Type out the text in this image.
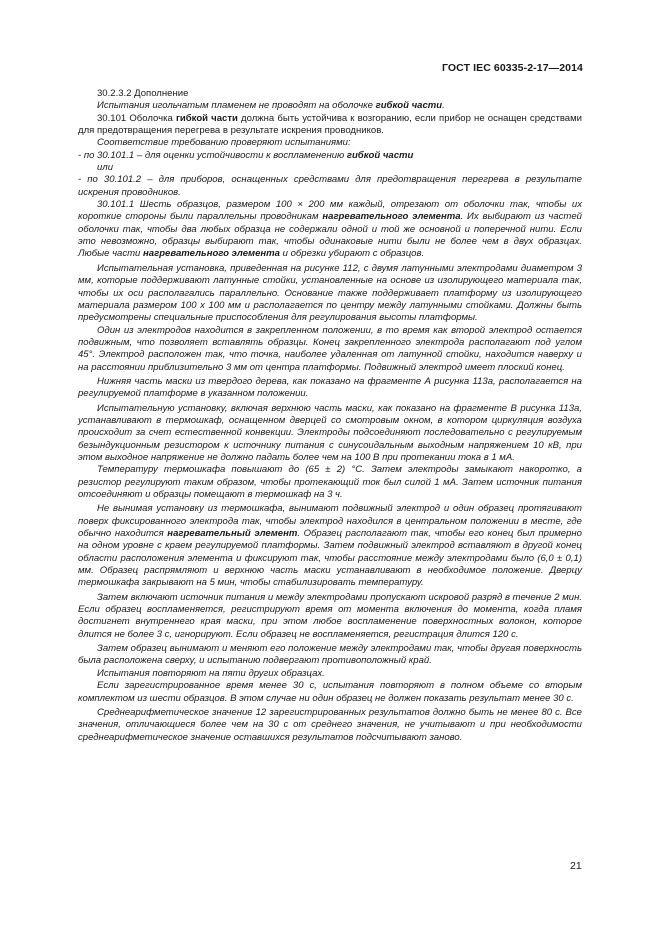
ГОСТ IEC 60335-2-17—2014

30.2.3.2 Дополнение

Испытания игольчатым пламенем не проводят на оболочке гибкой части.

30.101 Оболочка гибкой части должна быть устойчива к возгоранию, если прибор не оснащен средствами для предотвращения перегрева в результате искрения проводников.

Соответствие требованию проверяют испытаниями:

- по 30.101.1 – для оценки устойчивости к воспламенению гибкой части

или

- по 30.101.2 – для приборов, оснащенных средствами для предотвращения перегрева в результате искрения проводников.

30.101.1 Шесть образцов, размером 100 × 200 мм каждый, отрезают от оболочки так, чтобы их короткие стороны были параллельны проводникам нагревательного элемента. Их выбирают из частей оболочки так, чтобы два любых образца не содержали одной и той же основной и поперечной нити. Если это невозможно, образцы выбирают так, чтобы одинаковые нити были не более чем в двух образцах. Любые части нагревательного элемента и обрезки убирают с образцов.

Испытательная установка, приведенная на рисунке 112, с двумя латунными электродами диаметром 3 мм, которые поддерживают латунные стойки, установленные на основе из изолирующего материала так, чтобы их оси располагались параллельно. Основание также поддерживает платформу из изолирующего материала размером 100 х 100 мм и располагается по центру между латунными стойками. Должны быть предусмотрены специальные приспособления для регулирования высоты платформы.

Один из электродов находится в закрепленном положении, в то время как второй электрод остается подвижным, что позволяет вставлять образцы. Конец закрепленного электрода располагают под углом 45°. Электрод расположен так, что точка, наиболее удаленная от латунной стойки, находится наверху и на расстоянии приблизительно 3 мм от центра платформы. Подвижный электрод имеет плоский конец.

Нижняя часть маски из твердого дерева, как показано на фрагменте А рисунка 113а, располагается на регулируемой платформе в указанном положении.

Испытательную установку, включая верхнюю часть маски, как показано на фрагменте В рисунка 113а, устанавливают в термошкаф, оснащенном дверцей со смотровым окном, в котором циркуляция воздуха происходит за счет естественной конвекции. Электроды подсоединяют последовательно с регулируемым безындукционным резистором к источнику питания с синусоидальным выходным напряжением 10 кВ, при этом выходное напряжение не должно падать более чем на 100 В при протекании тока в 1 мА.

Температуру термошкафа повышают до (65 ± 2) °С. Затем электроды замыкают накоротко, а резистор регулируют таким образом, чтобы протекающий ток был силой 1 мА. Затем источник питания отсоединяют и образцы помещают в термошкаф на 3 ч.

Не вынимая установку из термошкафа, вынимают подвижный электрод и один образец протягивают поверх фиксированного электрода так, чтобы электрод находился в центральном положении в месте, где обычно находится нагревательный элемент. Образец располагают так, чтобы его конец был примерно на одном уровне с краем регулируемой платформы. Затем подвижный электрод вставляют в другой конец области расположения элемента и фиксируют так, чтобы расстояние между электродами было (6,0 ± 0,1) мм. Образец распрямляют и верхнюю часть маски устанавливают в необходимое положение. Дверцу термошкафа закрывают на 5 мин, чтобы стабилизировать температуру.

Затем включают источник питания и между электродами пропускают искровой разряд в течение 2 мин. Если образец воспламеняется, регистрируют время от момента включения до момента, когда пламя достигнет внутреннего края маски, при этом любое воспламенение поверхностных волокон, которое длится не более 3 с, игнорируют. Если образец не воспламеняется, регистрация длится 120 с.

Затем образец вынимают и меняют его положение между электродами так, чтобы другая поверхность была расположена сверху, и испытанию подвергают противоположный край.

Испытания повторяют на пяти других образцах.

Если зарегистрированное время менее 30 с, испытания повторяют в полном объеме со вторым комплектом из шести образцов. В этом случае ни один образец не должен показать результат менее 30 с.

Среднеарифметическое значение 12 зарегистрированных результатов должно быть не менее 80 с. Все значения, отличающиеся более чем на 30 с от среднего значения, не учитывают и при необходимости среднеарифметическое значение оставшихся результатов подсчитывают заново.

21
